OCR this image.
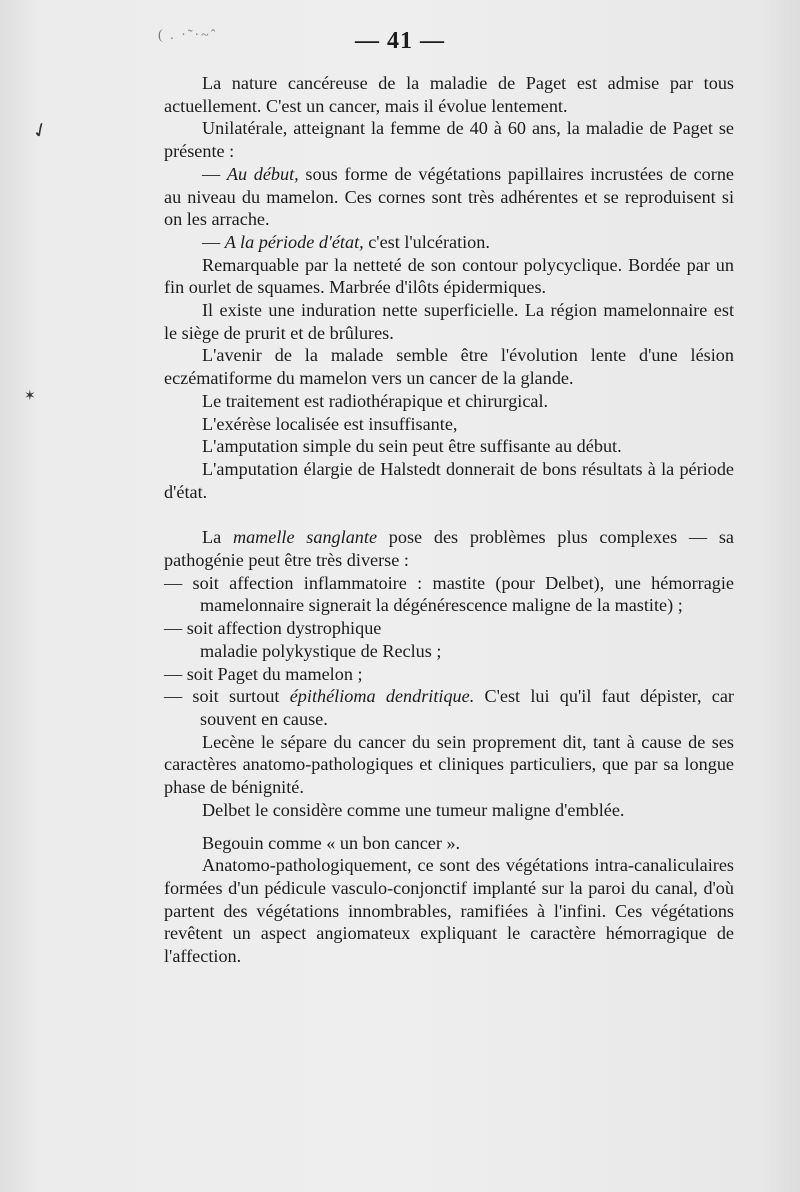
( . ·˜·~ˆ	— 41 —
✓
✶

La nature cancéreuse de la maladie de Paget est admise par tous actuellement. C'est un cancer, mais il évolue lentement.

Unilatérale, atteignant la femme de 40 à 60 ans, la maladie de Paget se présente :

— Au début, sous forme de végétations papillaires incrustées de corne au niveau du mamelon. Ces cornes sont très adhérentes et se reproduisent si on les arrache.

— A la période d'état, c'est l'ulcération.

Remarquable par la netteté de son contour polycyclique. Bordée par un fin ourlet de squames. Marbrée d'ilôts épidermiques.

Il existe une induration nette superficielle. La région mamelonnaire est le siège de prurit et de brûlures.

L'avenir de la malade semble être l'évolution lente d'une lésion eczématiforme du mamelon vers un cancer de la glande.

Le traitement est radiothérapique et chirurgical.

L'exérèse localisée est insuffisante,

L'amputation simple du sein peut être suffisante au début.

L'amputation élargie de Halstedt donnerait de bons résultats à la période d'état.

La mamelle sanglante pose des problèmes plus complexes — sa pathogénie peut être très diverse :

— soit affection inflammatoire : mastite (pour Delbet), une hémorragie mamelonnaire signerait la dégénérescence maligne de la mastite) ;

— soit affection dystrophique

maladie polykystique de Reclus ;

— soit Paget du mamelon ;

— soit surtout épithélioma dendritique. C'est lui qu'il faut dépister, car souvent en cause.

Lecène le sépare du cancer du sein proprement dit, tant à cause de ses caractères anatomo-pathologiques et cliniques particuliers, que par sa longue phase de bénignité.

Delbet le considère comme une tumeur maligne d'emblée.

Begouin comme « un bon cancer ».

Anatomo-pathologiquement, ce sont des végétations intra-canaliculaires formées d'un pédicule vasculo-conjonctif implanté sur la paroi du canal, d'où partent des végétations innombrables, ramifiées à l'infini. Ces végétations revêtent un aspect angiomateux expliquant le caractère hémorragique de l'affection.
